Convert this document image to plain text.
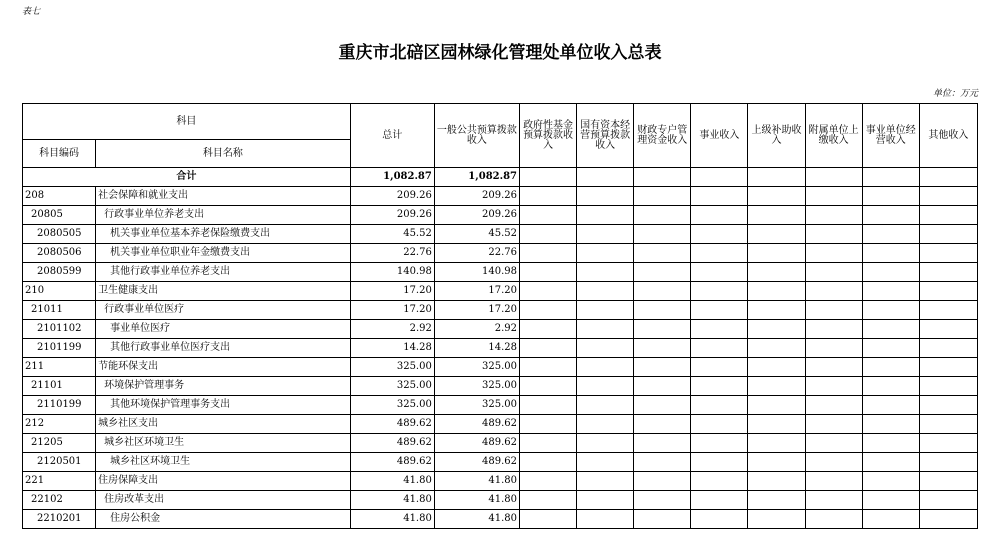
表七
重庆市北碚区园林绿化管理处单位收入总表
单位：万元
科目		总计	一般公共预算拨款收入	政府性基金预算拨款收入	国有资本经营预算拨款收入	财政专户管理资金收入	事业收入	上级补助收入	附属单位上缴收入	事业单位经营收入	其他收入
科目编码	科目名称										
合计		1,082.87	1,082.87								
208	社会保障和就业支出	209.26	209.26								
20805	行政事业单位养老支出	209.26	209.26								
2080505	机关事业单位基本养老保险缴费支出	45.52	45.52								
2080506	机关事业单位职业年金缴费支出	22.76	22.76								
2080599	其他行政事业单位养老支出	140.98	140.98								
210	卫生健康支出	17.20	17.20								
21011	行政事业单位医疗	17.20	17.20								
2101102	事业单位医疗	2.92	2.92								
2101199	其他行政事业单位医疗支出	14.28	14.28								
211	节能环保支出	325.00	325.00								
21101	环境保护管理事务	325.00	325.00								
2110199	其他环境保护管理事务支出	325.00	325.00								
212	城乡社区支出	489.62	489.62								
21205	城乡社区环境卫生	489.62	489.62								
2120501	城乡社区环境卫生	489.62	489.62								
221	住房保障支出	41.80	41.80								
22102	住房改革支出	41.80	41.80								
2210201	住房公积金	41.80	41.80								
